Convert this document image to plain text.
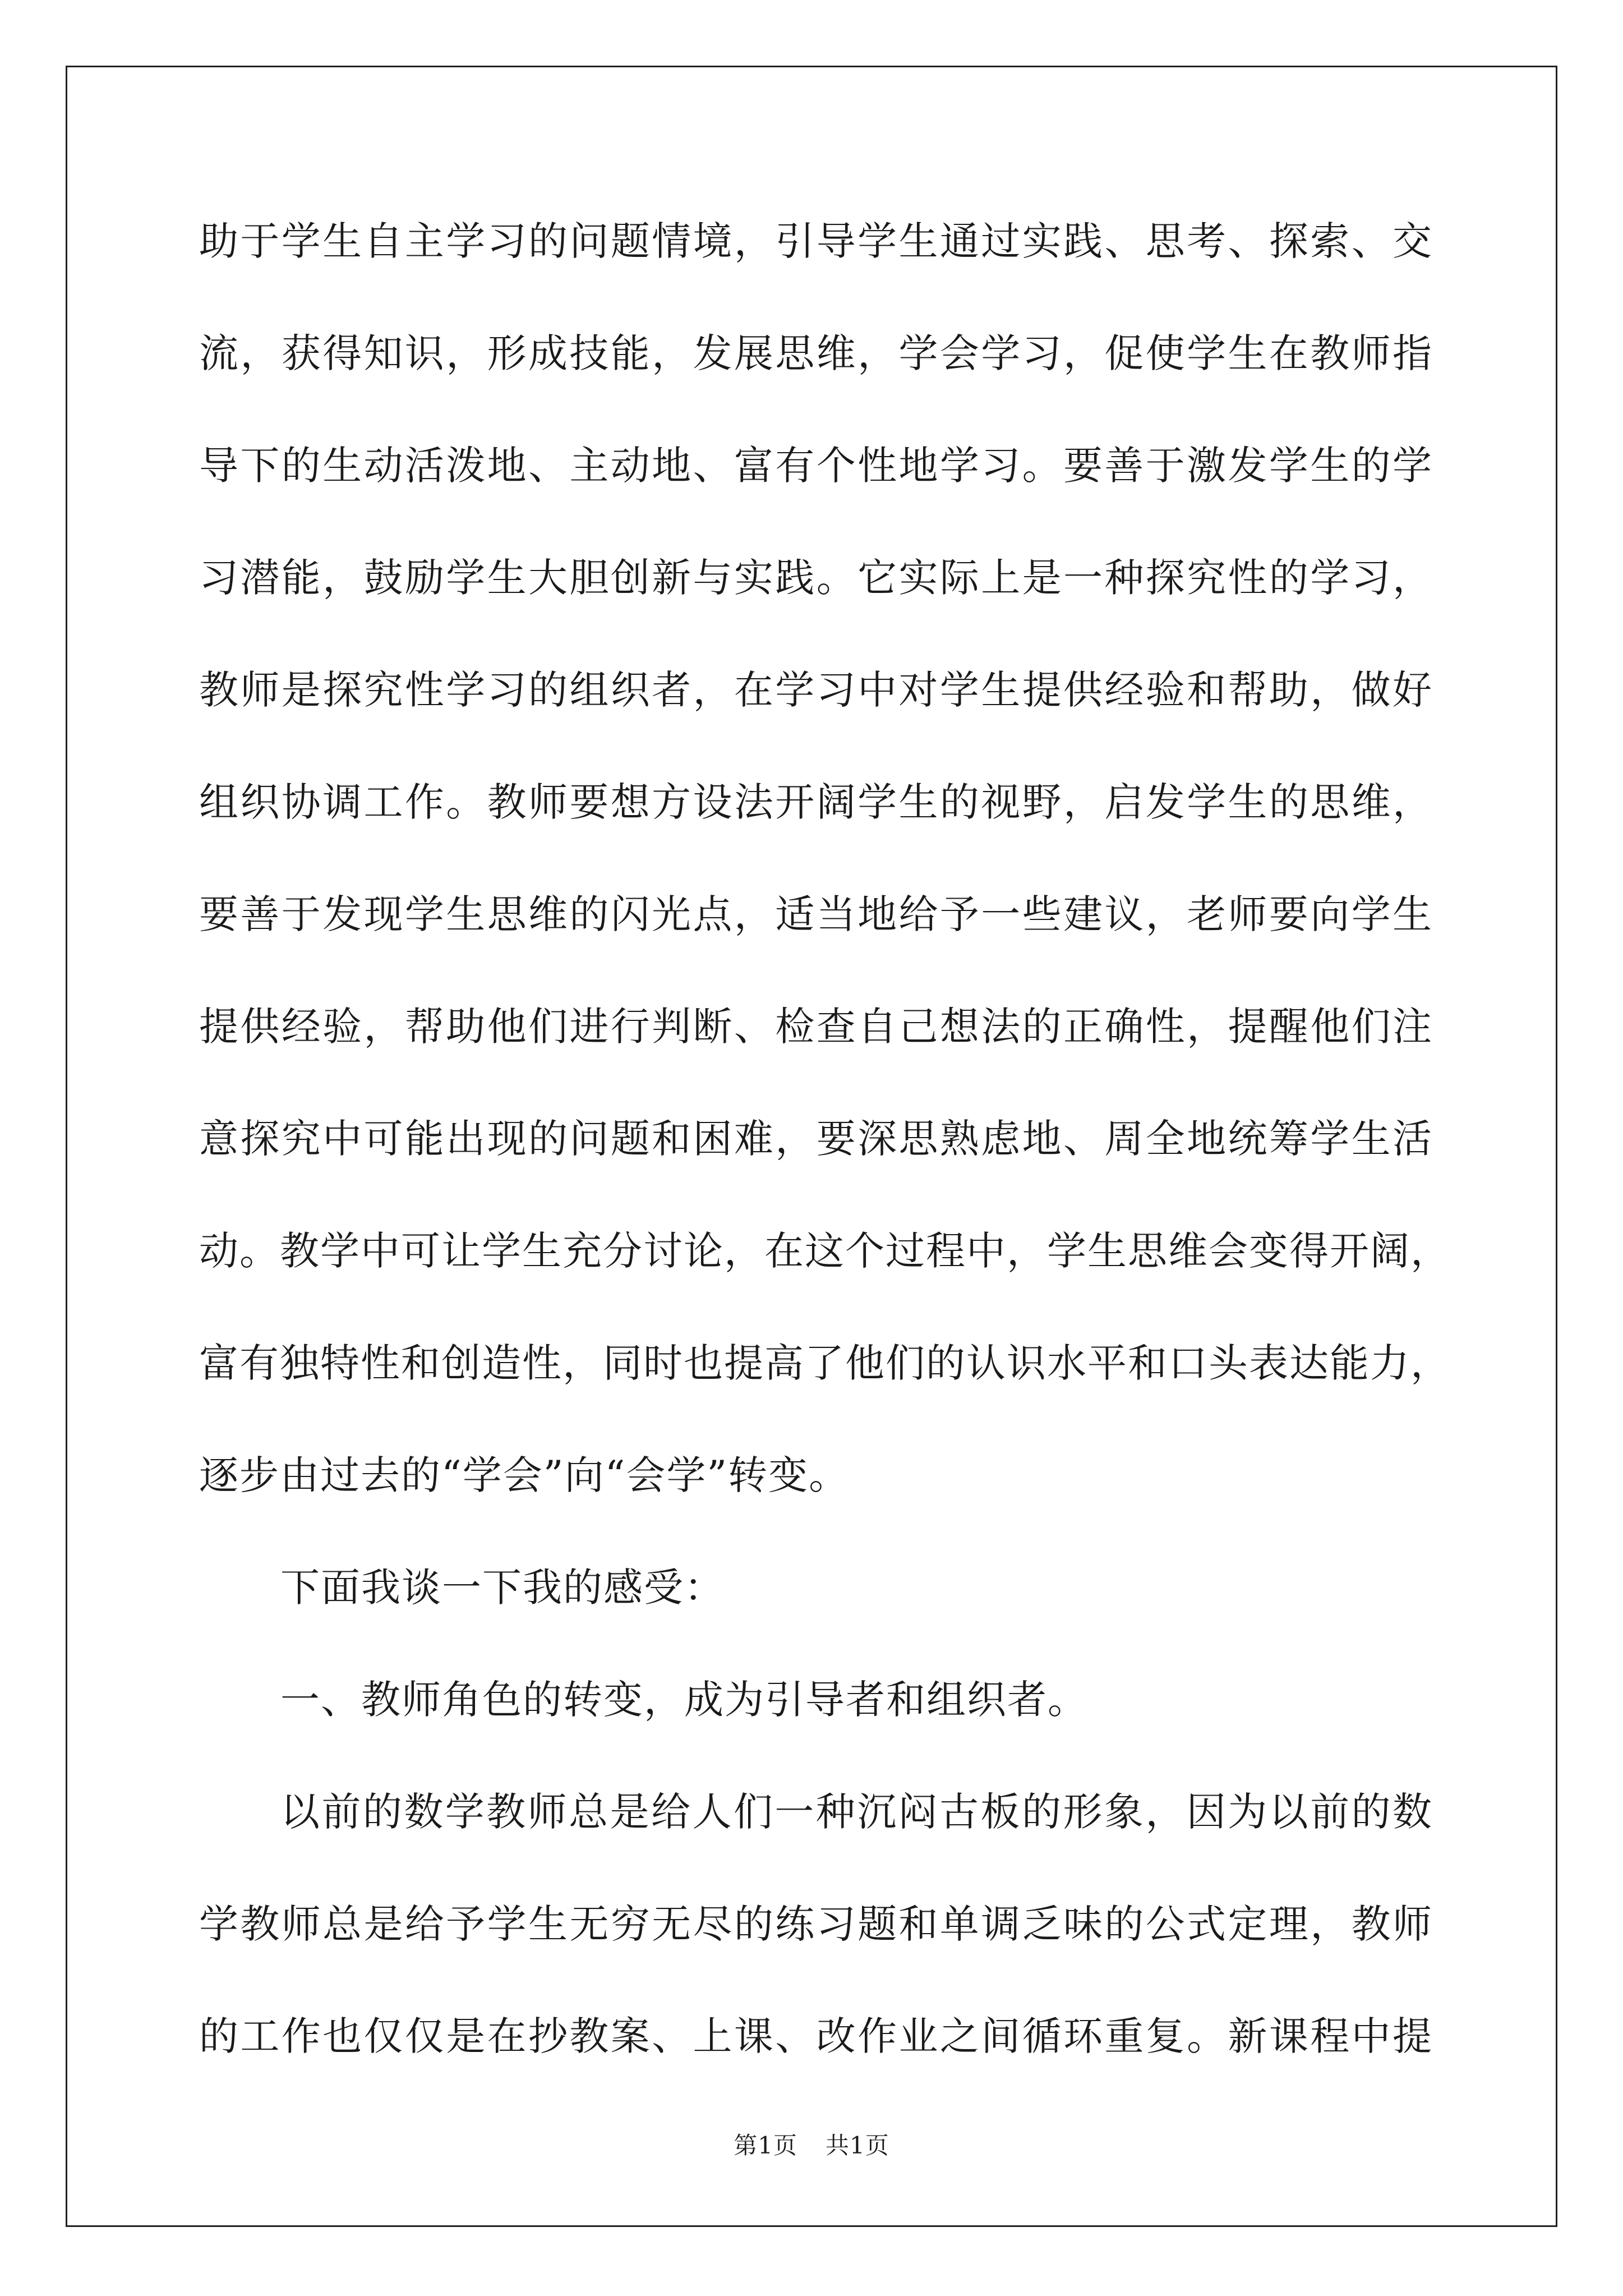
助于学生自主学习的问题情境，引导学生通过实践、思考、探索、交
流，获得知识，形成技能，发展思维，学会学习，促使学生在教师指
导下的生动活泼地、主动地、富有个性地学习。要善于激发学生的学
习潜能，鼓励学生大胆创新与实践。它实际上是一种探究性的学习，
教师是探究性学习的组织者，在学习中对学生提供经验和帮助，做好
组织协调工作。教师要想方设法开阔学生的视野，启发学生的思维，
要善于发现学生思维的闪光点，适当地给予一些建议，老师要向学生
提供经验，帮助他们进行判断、检查自己想法的正确性，提醒他们注
意探究中可能出现的问题和困难，要深思熟虑地、周全地统筹学生活
动。教学中可让学生充分讨论，在这个过程中，学生思维会变得开阔，
富有独特性和创造性，同时也提高了他们的认识水平和口头表达能力，
逐步由过去的“学会”向“会学”转变。
下面我谈一下我的感受：
一、教师角色的转变，成为引导者和组织者。
以前的数学教师总是给人们一种沉闷古板的形象，因为以前的数
学教师总是给予学生无穷无尽的练习题和单调乏味的公式定理，教师
的工作也仅仅是在抄教案、上课、改作业之间循环重复。新课程中提
第1页 共1页
